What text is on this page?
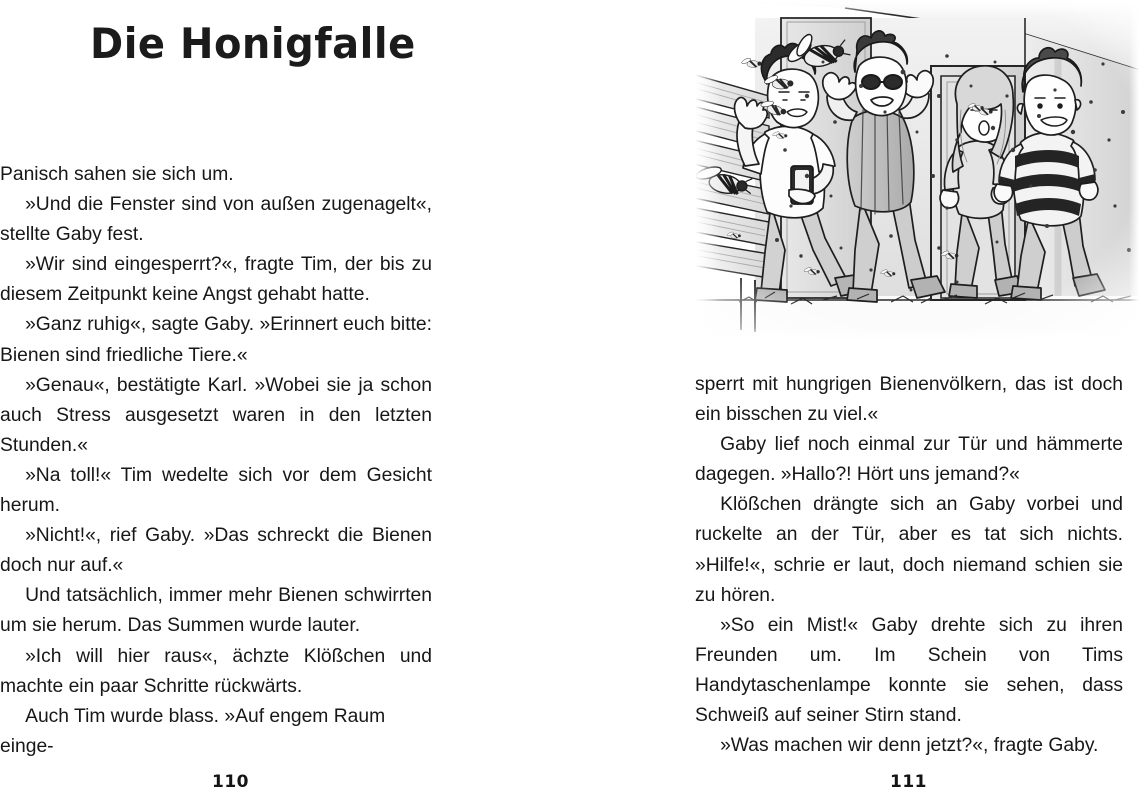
Die Honigfalle

Panisch sahen sie sich um.

»Und die Fenster sind von außen zugenagelt«, stellte Gaby fest.

»Wir sind eingesperrt?«, fragte Tim, der bis zu diesem Zeitpunkt keine Angst gehabt hatte.

»Ganz ruhig«, sagte Gaby. »Erinnert euch bitte: Bienen sind friedliche Tiere.«

»Genau«, bestätigte Karl. »Wobei sie ja schon auch Stress ausgesetzt waren in den letzten Stunden.«

»Na toll!« Tim wedelte sich vor dem Gesicht herum.

»Nicht!«, rief Gaby. »Das schreckt die Bienen doch nur auf.«

Und tatsächlich, immer mehr Bienen schwirrten um sie herum. Das Summen wurde lauter.

»Ich will hier raus«, ächzte Klößchen und machte ein paar Schritte rückwärts.

Auch Tim wurde blass. »Auf engem Raum einge-

110

sperrt mit hungrigen Bienenvölkern, das ist doch ein bisschen zu viel.«

Gaby lief noch einmal zur Tür und hämmerte dagegen. »Hallo?! Hört uns jemand?«

Klößchen drängte sich an Gaby vorbei und ruckelte an der Tür, aber es tat sich nichts. »Hilfe!«, schrie er laut, doch niemand schien sie zu hören.

»So ein Mist!« Gaby drehte sich zu ihren Freunden um. Im Schein von Tims Handytaschenlampe konnte sie sehen, dass Schweiß auf seiner Stirn stand.

»Was machen wir denn jetzt?«, fragte Gaby.

111
